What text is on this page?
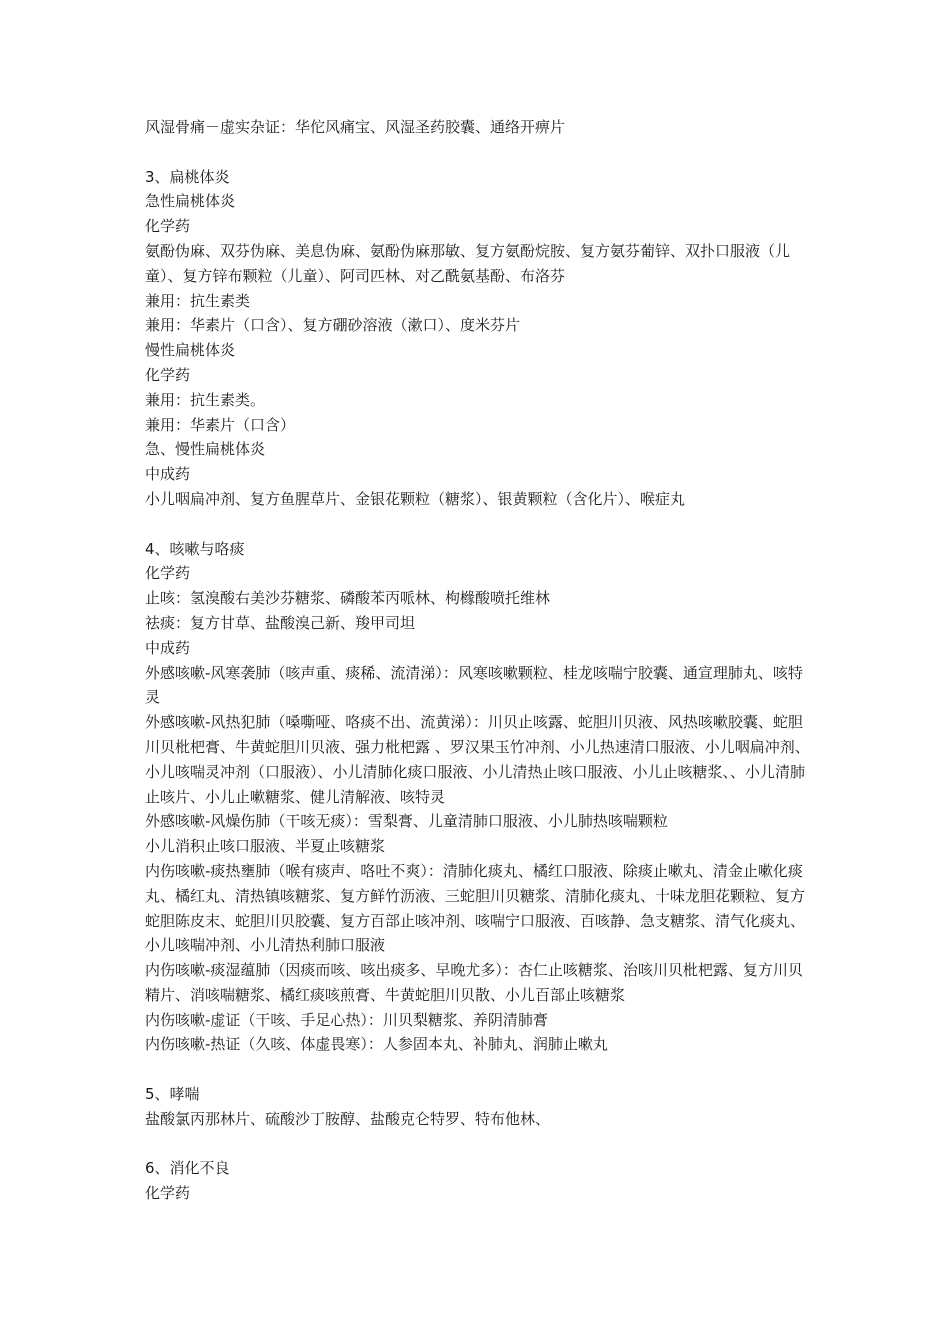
风湿骨痛－虚实杂证：华佗风痛宝、风湿圣药胶囊、通络开痹片
3、扁桃体炎
急性扁桃体炎
化学药
氨酚伪麻、双芬伪麻、美息伪麻、氨酚伪麻那敏、复方氨酚烷胺、复方氨芬葡锌、双扑口服液（儿童）、复方锌布颗粒（儿童）、阿司匹林、对乙酰氨基酚、布洛芬
兼用：抗生素类
兼用：华素片（口含）、复方硼砂溶液（漱口）、度米芬片
慢性扁桃体炎
化学药
兼用：抗生素类。
兼用：华素片（口含）
急、慢性扁桃体炎
中成药
小儿咽扁冲剂、复方鱼腥草片、金银花颗粒（糖浆）、银黄颗粒（含化片）、喉症丸
4、咳嗽与咯痰
化学药
止咳：氢溴酸右美沙芬糖浆、磷酸苯丙哌林、枸橼酸喷托维林
祛痰：复方甘草、盐酸溴己新、羧甲司坦
中成药
外感咳嗽-风寒袭肺（咳声重、痰稀、流清涕）：风寒咳嗽颗粒、桂龙咳喘宁胶囊、通宣理肺丸、咳特灵
外感咳嗽-风热犯肺（嗓嘶哑、咯痰不出、流黄涕）：川贝止咳露、蛇胆川贝液、风热咳嗽胶囊、蛇胆川贝枇杷膏、牛黄蛇胆川贝液、强力枇杷露 、罗汉果玉竹冲剂、小儿热速清口服液、小儿咽扁冲剂、小儿咳喘灵冲剂（口服液）、小儿清肺化痰口服液、小儿清热止咳口服液、小儿止咳糖浆、、小儿清肺止咳片、小儿止嗽糖浆、健儿清解液、咳特灵
外感咳嗽-风燥伤肺（干咳无痰）：雪梨膏、儿童清肺口服液、小儿肺热咳喘颗粒
小儿消积止咳口服液、半夏止咳糖浆
内伤咳嗽-痰热壅肺（喉有痰声、咯吐不爽）：清肺化痰丸、橘红口服液、除痰止嗽丸、清金止嗽化痰丸、橘红丸、清热镇咳糖浆、复方鲜竹沥液、三蛇胆川贝糖浆、清肺化痰丸、十味龙胆花颗粒、复方蛇胆陈皮末、蛇胆川贝胶囊、复方百部止咳冲剂、咳喘宁口服液、百咳静、急支糖浆、清气化痰丸、小儿咳喘冲剂、小儿清热利肺口服液
内伤咳嗽-痰湿蕴肺（因痰而咳、咳出痰多、早晚尤多）：杏仁止咳糖浆、治咳川贝枇杷露、复方川贝精片、消咳喘糖浆、橘红痰咳煎膏、牛黄蛇胆川贝散、小儿百部止咳糖浆
内伤咳嗽-虚证（干咳、手足心热）：川贝梨糖浆、养阴清肺膏
内伤咳嗽-热证（久咳、体虚畏寒）：人参固本丸、补肺丸、润肺止嗽丸
5、哮喘
盐酸氯丙那林片、硫酸沙丁胺醇、盐酸克仑特罗、特布他林、
6、消化不良
化学药
